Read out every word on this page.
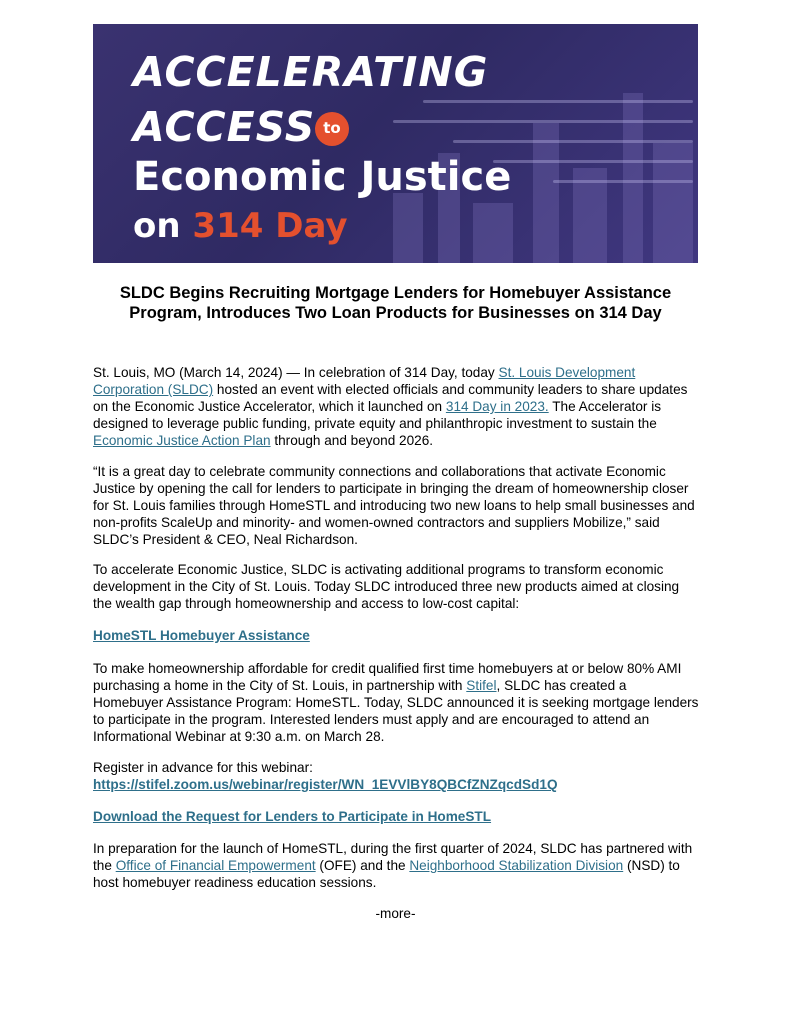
ACCELERATING
ACCESS to
Economic Justice
on 314 Day
SLDC Begins Recruiting Mortgage Lenders for Homebuyer Assistance Program, Introduces Two Loan Products for Businesses on 314 Day
St. Louis, MO (March 14, 2024) — In celebration of 314 Day, today St. Louis Development Corporation (SLDC) hosted an event with elected officials and community leaders to share updates on the Economic Justice Accelerator, which it launched on 314 Day in 2023. The Accelerator is designed to leverage public funding, private equity and philanthropic investment to sustain the Economic Justice Action Plan through and beyond 2026.
“It is a great day to celebrate community connections and collaborations that activate Economic Justice by opening the call for lenders to participate in bringing the dream of homeownership closer for St. Louis families through HomeSTL and introducing two new loans to help small businesses and non-profits ScaleUp and minority- and women-owned contractors and suppliers Mobilize,” said SLDC’s President & CEO, Neal Richardson.
To accelerate Economic Justice, SLDC is activating additional programs to transform economic development in the City of St. Louis. Today SLDC introduced three new products aimed at closing the wealth gap through homeownership and access to low-cost capital:
HomeSTL Homebuyer Assistance
To make homeownership affordable for credit qualified first time homebuyers at or below 80% AMI purchasing a home in the City of St. Louis, in partnership with Stifel, SLDC has created a Homebuyer Assistance Program: HomeSTL. Today, SLDC announced it is seeking mortgage lenders to participate in the program. Interested lenders must apply and are encouraged to attend an Informational Webinar at 9:30 a.m. on March 28.
Register in advance for this webinar:
https://stifel.zoom.us/webinar/register/WN_1EVVlBY8QBCfZNZqcdSd1Q
Download the Request for Lenders to Participate in HomeSTL
In preparation for the launch of HomeSTL, during the first quarter of 2024, SLDC has partnered with the Office of Financial Empowerment (OFE) and the Neighborhood Stabilization Division (NSD) to host homebuyer readiness education sessions.
-more-
